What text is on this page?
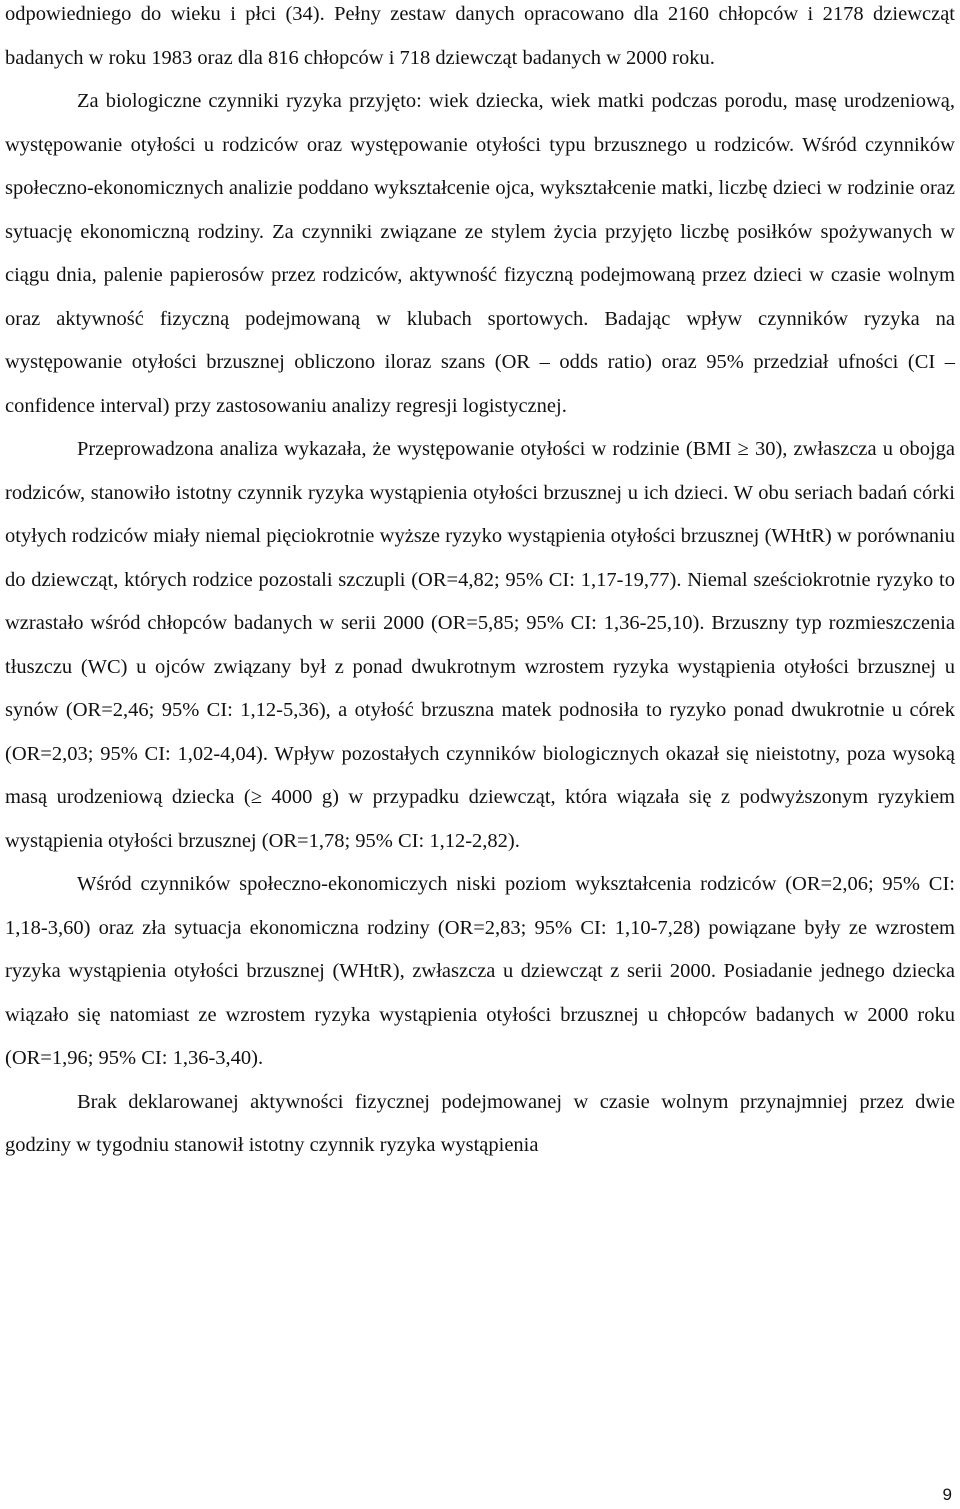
odpowiedniego do wieku i płci (34). Pełny zestaw danych opracowano dla 2160 chłopców i 2178 dziewcząt badanych w roku 1983 oraz dla 816 chłopców i 718 dziewcząt badanych w 2000 roku.

Za biologiczne czynniki ryzyka przyjęto: wiek dziecka, wiek matki podczas porodu, masę urodzeniową, występowanie otyłości u rodziców oraz występowanie otyłości typu brzusznego u rodziców. Wśród czynników społeczno-ekonomicznych analizie poddano wykształcenie ojca, wykształcenie matki, liczbę dzieci w rodzinie oraz sytuację ekonomiczną rodziny. Za czynniki związane ze stylem życia przyjęto liczbę posiłków spożywanych w ciągu dnia, palenie papierosów przez rodziców, aktywność fizyczną podejmowaną przez dzieci w czasie wolnym oraz aktywność fizyczną podejmowaną w klubach sportowych. Badając wpływ czynników ryzyka na występowanie otyłości brzusznej obliczono iloraz szans (OR – odds ratio) oraz 95% przedział ufności (CI – confidence interval) przy zastosowaniu analizy regresji logistycznej.

Przeprowadzona analiza wykazała, że występowanie otyłości w rodzinie (BMI ≥ 30), zwłaszcza u obojga rodziców, stanowiło istotny czynnik ryzyka wystąpienia otyłości brzusznej u ich dzieci. W obu seriach badań córki otyłych rodziców miały niemal pięciokrotnie wyższe ryzyko wystąpienia otyłości brzusznej (WHtR) w porównaniu do dziewcząt, których rodzice pozostali szczupli (OR=4,82; 95% CI: 1,17-19,77). Niemal sześciokrotnie ryzyko to wzrastało wśród chłopców badanych w serii 2000 (OR=5,85; 95% CI: 1,36-25,10). Brzuszny typ rozmieszczenia tłuszczu (WC) u ojców związany był z ponad dwukrotnym wzrostem ryzyka wystąpienia otyłości brzusznej u synów (OR=2,46; 95% CI: 1,12-5,36), a otyłość brzuszna matek podnosiła to ryzyko ponad dwukrotnie u córek (OR=2,03; 95% CI: 1,02-4,04). Wpływ pozostałych czynników biologicznych okazał się nieistotny, poza wysoką masą urodzeniową dziecka (≥ 4000 g) w przypadku dziewcząt, która wiązała się z podwyższonym ryzykiem wystąpienia otyłości brzusznej (OR=1,78; 95% CI: 1,12-2,82).

Wśród czynników społeczno-ekonomiczych niski poziom wykształcenia rodziców (OR=2,06; 95% CI: 1,18-3,60) oraz zła sytuacja ekonomiczna rodziny (OR=2,83; 95% CI: 1,10-7,28) powiązane były ze wzrostem ryzyka wystąpienia otyłości brzusznej (WHtR), zwłaszcza u dziewcząt z serii 2000. Posiadanie jednego dziecka wiązało się natomiast ze wzrostem ryzyka wystąpienia otyłości brzusznej u chłopców badanych w 2000 roku (OR=1,96; 95% CI: 1,36-3,40).

Brak deklarowanej aktywności fizycznej podejmowanej w czasie wolnym przynajmniej przez dwie godziny w tygodniu stanowił istotny czynnik ryzyka wystąpienia

9
